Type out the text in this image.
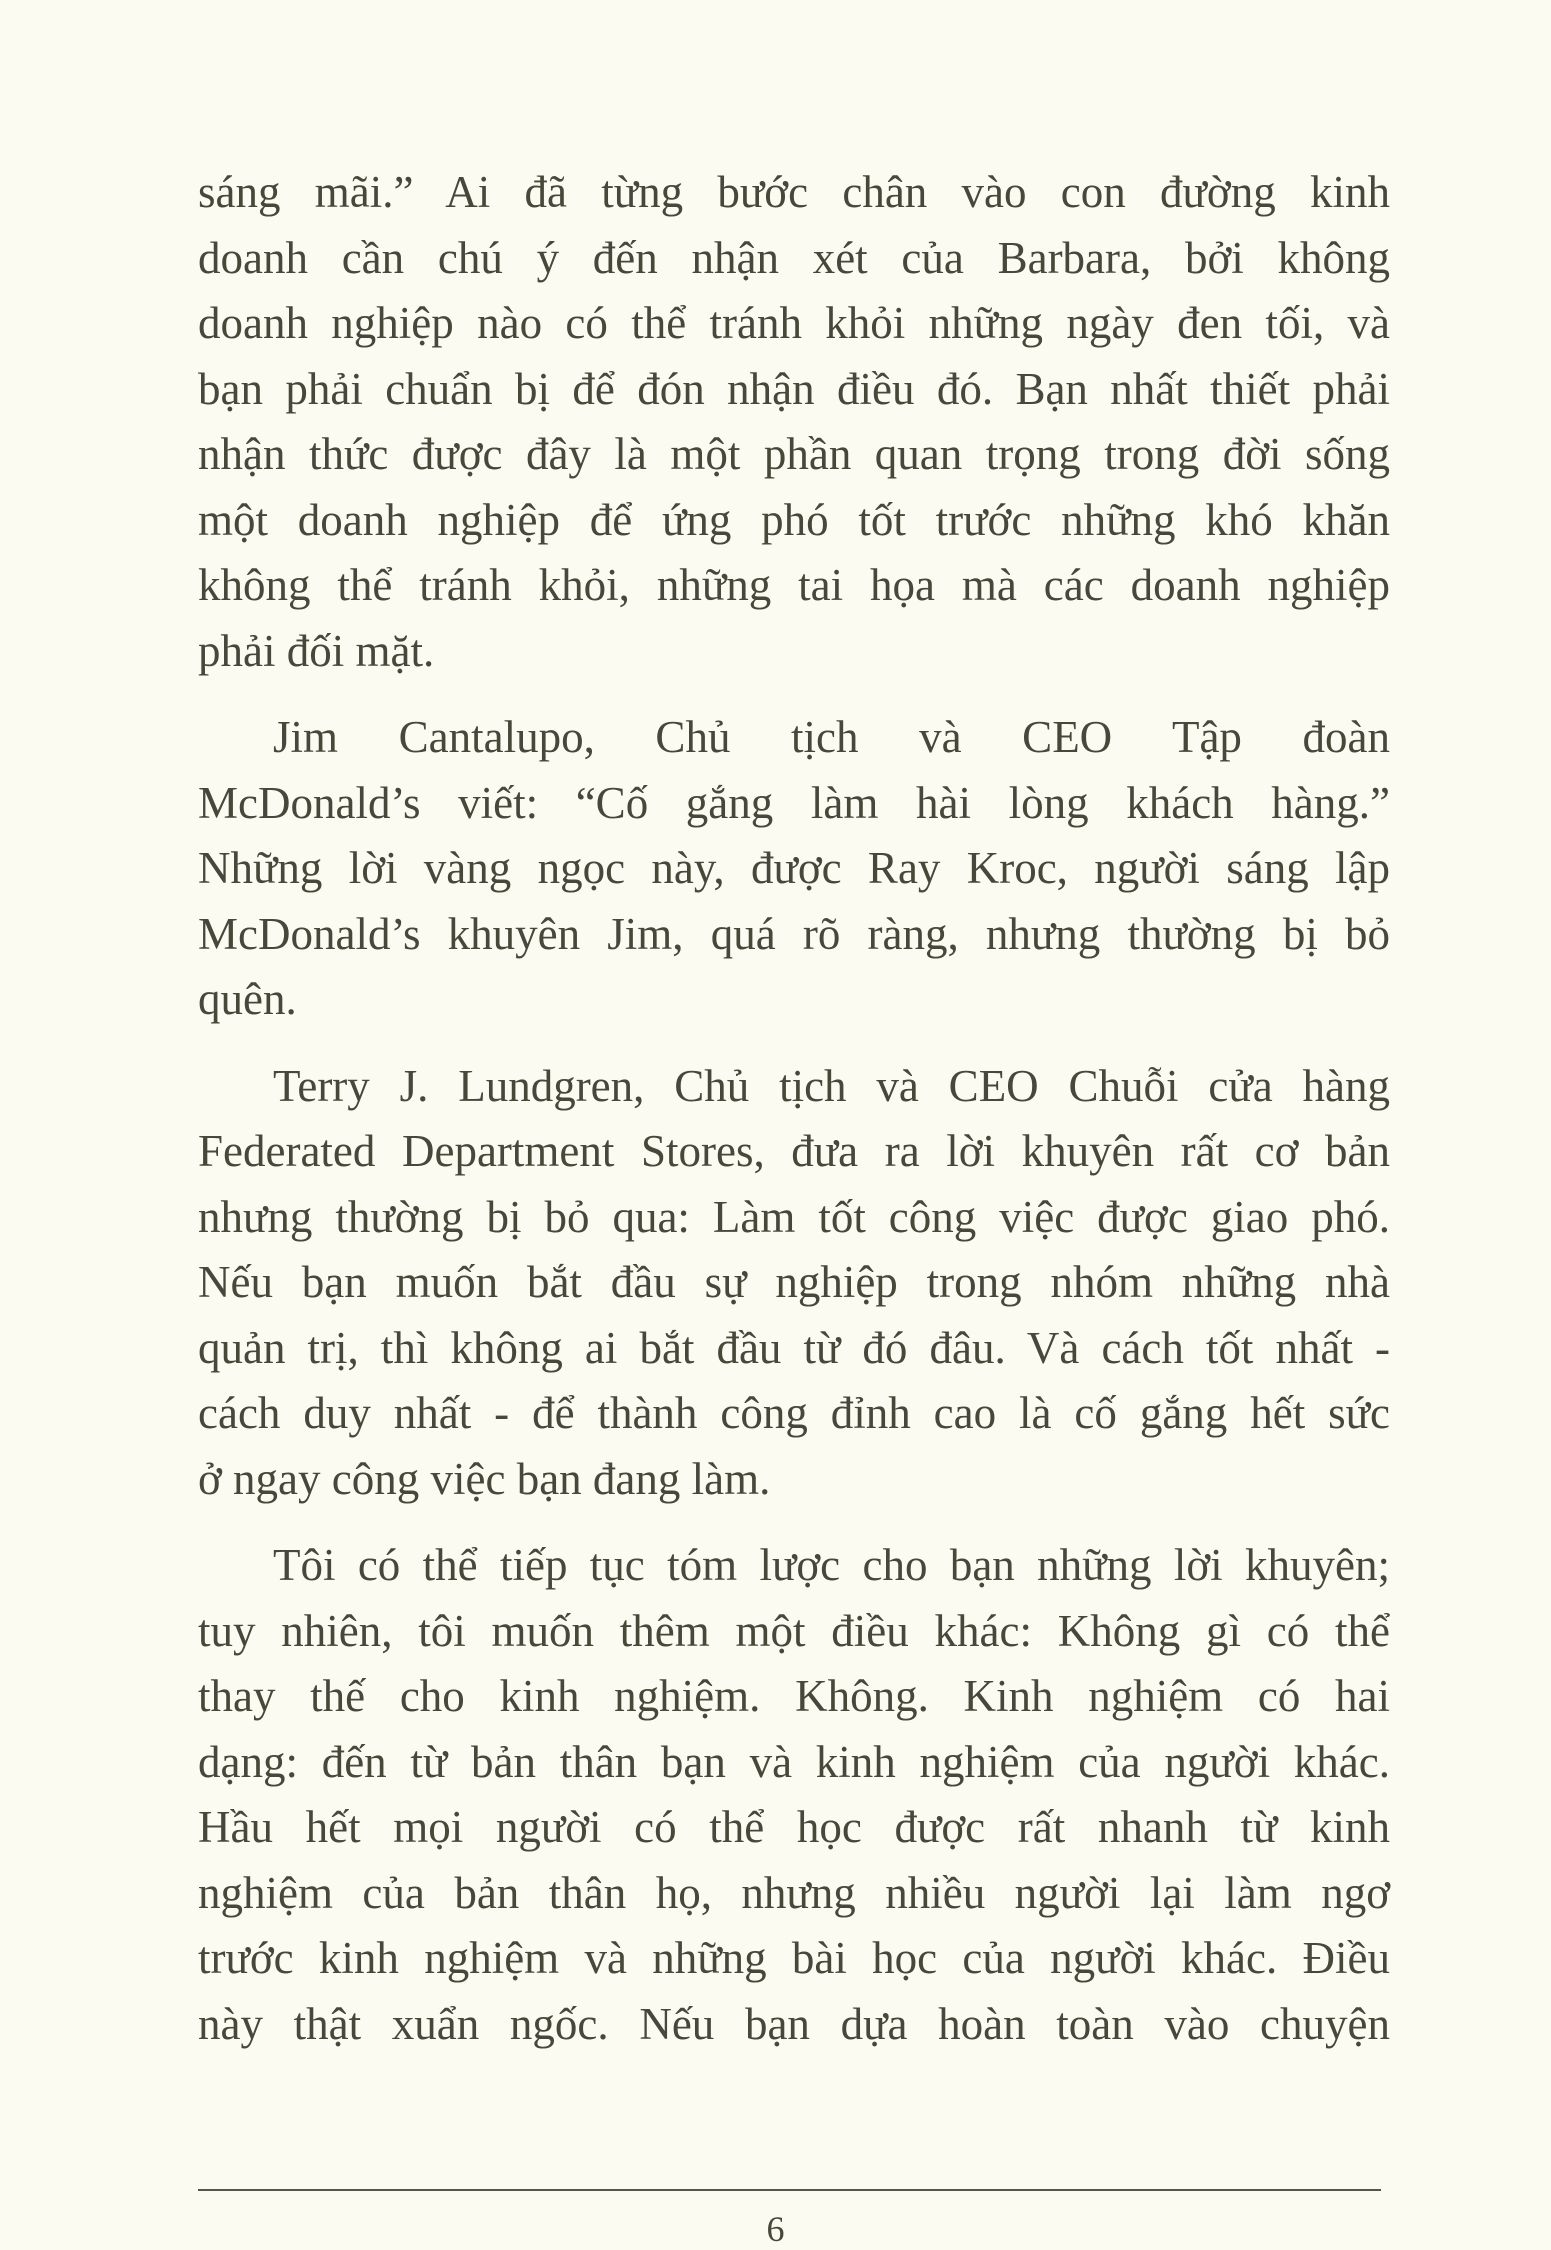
sáng mãi.” Ai đã từng bước chân vào con đường kinh
doanh cần chú ý đến nhận xét của Barbara, bởi không
doanh nghiệp nào có thể tránh khỏi những ngày đen tối, và
bạn phải chuẩn bị để đón nhận điều đó. Bạn nhất thiết phải
nhận thức được đây là một phần quan trọng trong đời sống
một doanh nghiệp để ứng phó tốt trước những khó khăn
không thể tránh khỏi, những tai họa mà các doanh nghiệp
phải đối mặt.
Jim Cantalupo, Chủ tịch và CEO Tập đoàn
McDonald’s viết: “Cố gắng làm hài lòng khách hàng.”
Những lời vàng ngọc này, được Ray Kroc, người sáng lập
McDonald’s khuyên Jim, quá rõ ràng, nhưng thường bị bỏ
quên.
Terry J. Lundgren, Chủ tịch và CEO Chuỗi cửa hàng
Federated Department Stores, đưa ra lời khuyên rất cơ bản
nhưng thường bị bỏ qua: Làm tốt công việc được giao phó.
Nếu bạn muốn bắt đầu sự nghiệp trong nhóm những nhà
quản trị, thì không ai bắt đầu từ đó đâu. Và cách tốt nhất -
cách duy nhất - để thành công đỉnh cao là cố gắng hết sức
ở ngay công việc bạn đang làm.
Tôi có thể tiếp tục tóm lược cho bạn những lời khuyên;
tuy nhiên, tôi muốn thêm một điều khác: Không gì có thể
thay thế cho kinh nghiệm. Không. Kinh nghiệm có hai
dạng: đến từ bản thân bạn và kinh nghiệm của người khác.
Hầu hết mọi người có thể học được rất nhanh từ kinh
nghiệm của bản thân họ, nhưng nhiều người lại làm ngơ
trước kinh nghiệm và những bài học của người khác. Điều
này thật xuẩn ngốc. Nếu bạn dựa hoàn toàn vào chuyện
6
